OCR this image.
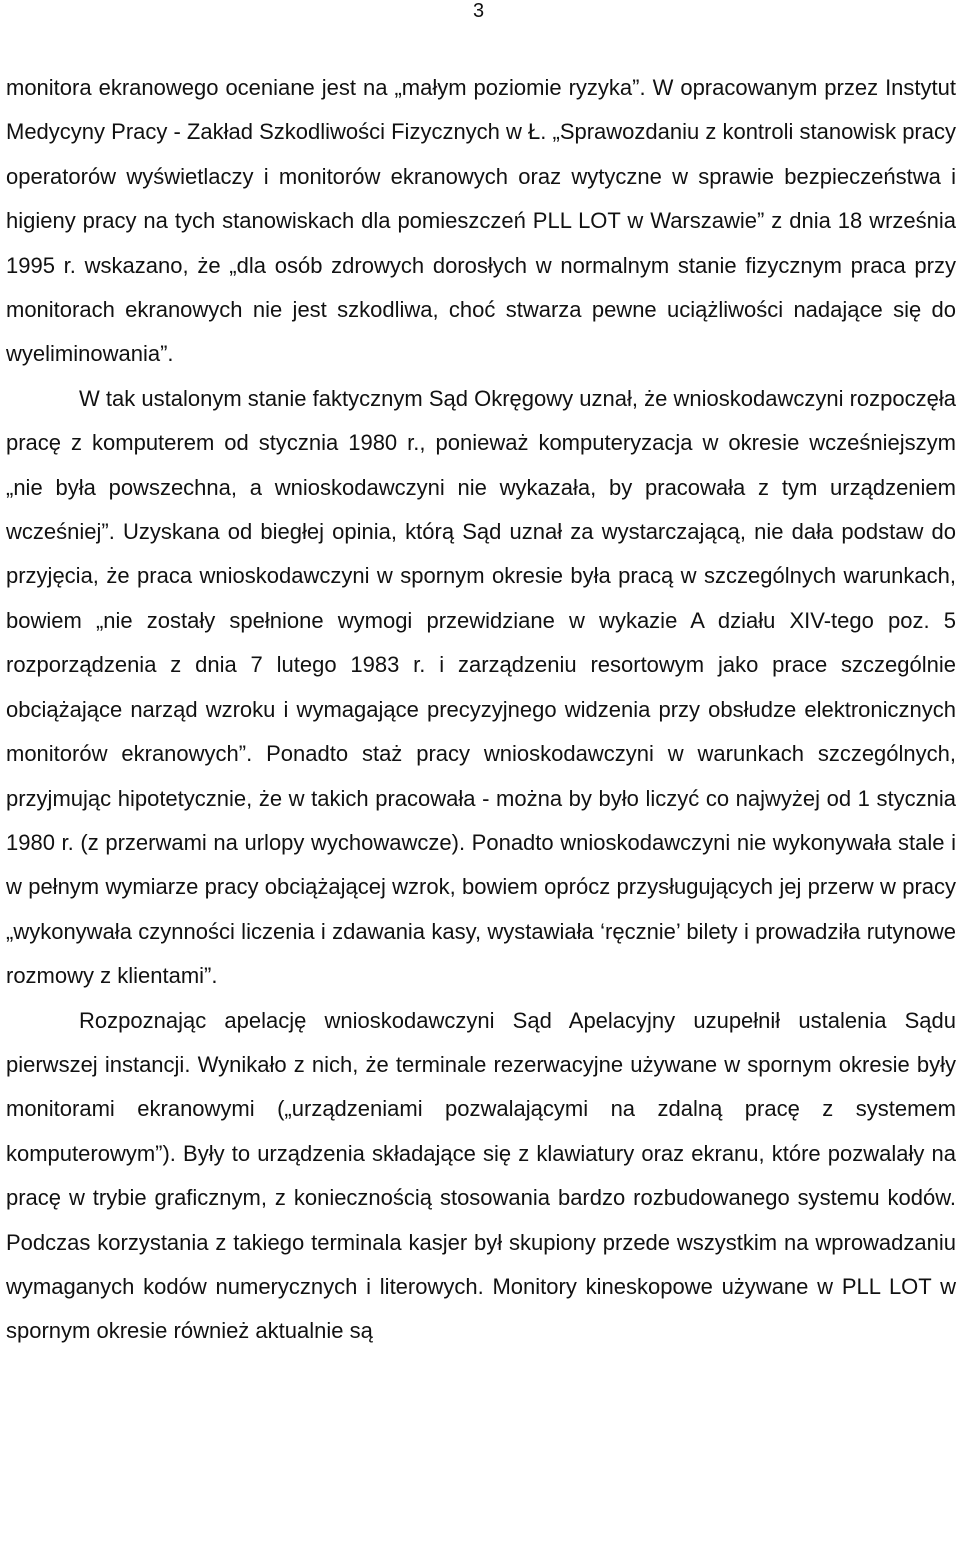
3

monitora ekranowego oceniane jest na „małym poziomie ryzyka”. W opracowanym przez Instytut Medycyny Pracy - Zakład Szkodliwości Fizycznych w Ł. „Sprawozdaniu z kontroli stanowisk pracy operatorów wyświetlaczy i monitorów ekranowych oraz wytyczne w sprawie bezpieczeństwa i higieny pracy na tych stanowiskach dla pomieszczeń PLL LOT w Warszawie” z dnia 18 września 1995 r. wskazano, że „dla osób zdrowych dorosłych w normalnym stanie fizycznym praca przy monitorach ekranowych nie jest szkodliwa, choć stwarza pewne uciążliwości nadające się do wyeliminowania”.

W tak ustalonym stanie faktycznym Sąd Okręgowy uznał, że wnioskodawczyni rozpoczęła pracę z komputerem od stycznia 1980 r., ponieważ komputeryzacja w okresie wcześniejszym „nie była powszechna, a wnioskodawczyni nie wykazała, by pracowała z tym urządzeniem wcześniej”. Uzyskana od biegłej opinia, którą Sąd uznał za wystarczającą, nie dała podstaw do przyjęcia, że praca wnioskodawczyni w spornym okresie była pracą w szczególnych warunkach, bowiem „nie zostały spełnione wymogi przewidziane w wykazie A działu XIV-tego poz. 5 rozporządzenia z dnia 7 lutego 1983 r. i zarządzeniu resortowym jako prace szczególnie obciążające narząd wzroku i wymagające precyzyjnego widzenia przy obsłudze elektronicznych monitorów ekranowych”. Ponadto staż pracy wnioskodawczyni w warunkach szczególnych, przyjmując hipotetycznie, że w takich pracowała - można by było liczyć co najwyżej od 1 stycznia 1980 r. (z przerwami na urlopy wychowawcze). Ponadto wnioskodawczyni nie wykonywała stale i w pełnym wymiarze pracy obciążającej wzrok, bowiem oprócz przysługujących jej przerw w pracy „wykonywała czynności liczenia i zdawania kasy, wystawiała ‘ręcznie’ bilety i prowadziła rutynowe rozmowy z klientami”.

Rozpoznając apelację wnioskodawczyni Sąd Apelacyjny uzupełnił ustalenia Sądu pierwszej instancji. Wynikało z nich, że terminale rezerwacyjne używane w spornym okresie były monitorami ekranowymi („urządzeniami pozwalającymi na zdalną pracę z systemem komputerowym”). Były to urządzenia składające się z klawiatury oraz ekranu, które pozwalały na pracę w trybie graficznym, z koniecznością stosowania bardzo rozbudowanego systemu kodów. Podczas korzystania z takiego terminala kasjer był skupiony przede wszystkim na wprowadzaniu wymaganych kodów numerycznych i literowych. Monitory kineskopowe używane w PLL LOT w spornym okresie również aktualnie są
